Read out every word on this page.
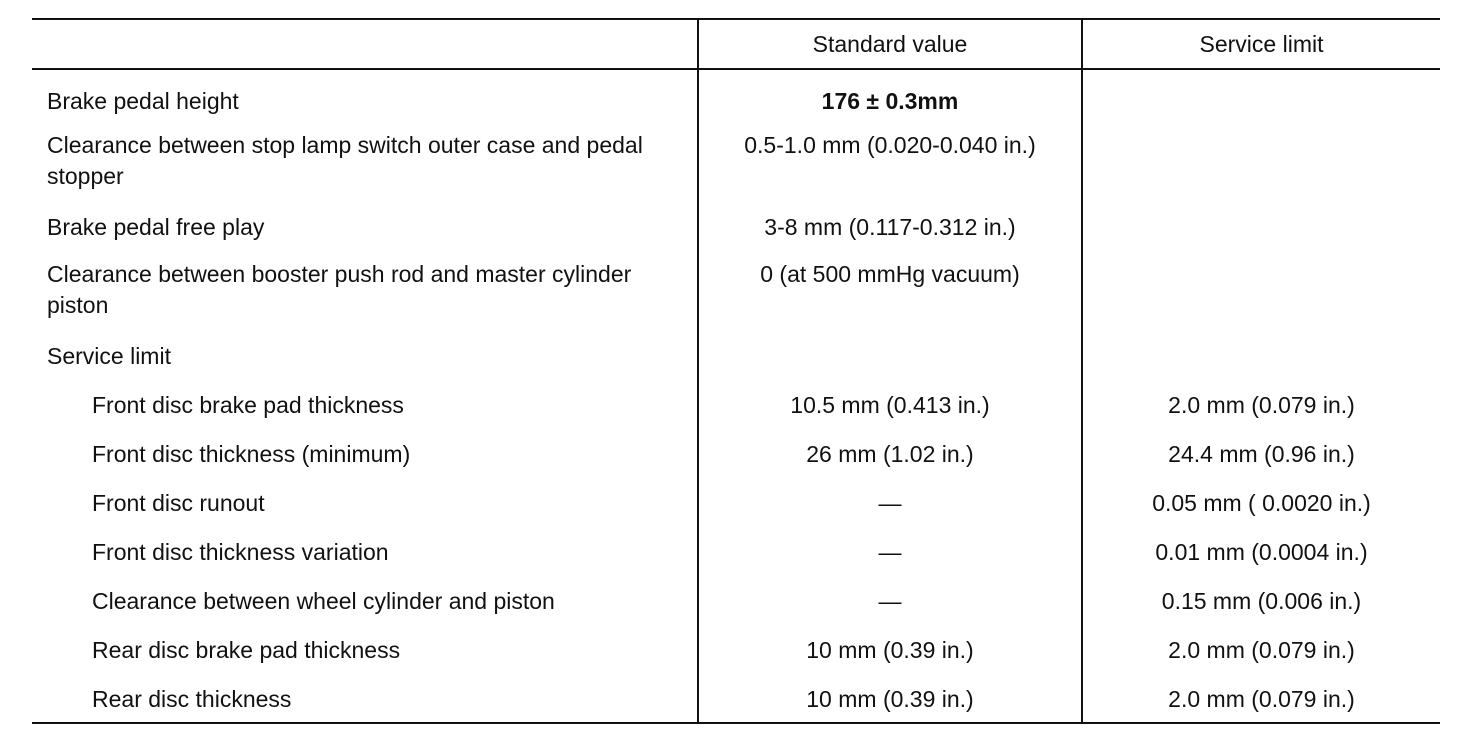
	Standard value	Service limit
Brake pedal height	176 ± 0.3mm	
Clearance between stop lamp switch outer case and pedal stopper	0.5-1.0 mm (0.020-0.040 in.)	
Brake pedal free play	3-8 mm (0.117-0.312 in.)	
Clearance between booster push rod and master cylinder piston	0 (at 500 mmHg vacuum)	
Service limit		
Front disc brake pad thickness	10.5 mm (0.413 in.)	2.0 mm (0.079 in.)
Front disc thickness (minimum)	26 mm (1.02 in.)	24.4 mm (0.96 in.)
Front disc runout	—	0.05 mm ( 0.0020 in.)
Front disc thickness variation	—	0.01 mm (0.0004 in.)
Clearance between wheel cylinder and piston	—	0.15 mm (0.006 in.)
Rear disc brake pad thickness	10 mm (0.39 in.)	2.0 mm (0.079 in.)
Rear disc thickness	10 mm (0.39 in.)	2.0 mm (0.079 in.)
